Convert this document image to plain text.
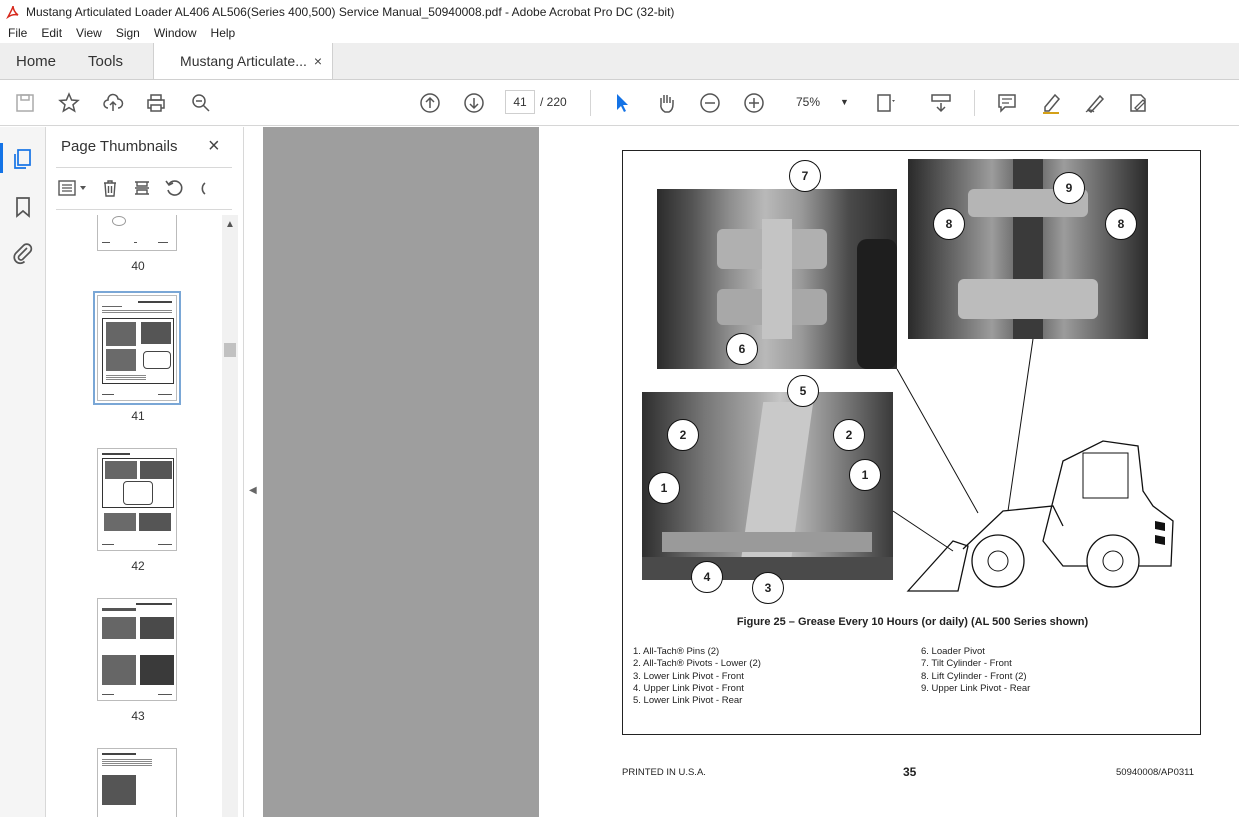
Mustang Articulated Loader AL406 AL506(Series 400,500) Service Manual_50940008.pdf - Adobe Acrobat Pro DC (32-bit)
File	Edit	View	Sign	Window	Help
Home	Tools	Mustang Articulate... ×
41	/ 220	75% ▼
Page Thumbnails ×
40
41
42
43
▲
◀
7
6
9
8	8
5
2	2
1
1
4
3
Figure 25 – Grease Every 10 Hours (or daily) (AL 500 Series shown)
1. All-Tach® Pins (2)
2. All-Tach® Pivots - Lower (2)
3. Lower Link Pivot - Front
4. Upper Link Pivot - Front
5. Lower Link Pivot - Rear
6. Loader Pivot
7. Tilt Cylinder - Front
8. Lift Cylinder - Front (2)
9. Upper Link Pivot - Rear
PRINTED IN U.S.A.	35	50940008/AP0311
